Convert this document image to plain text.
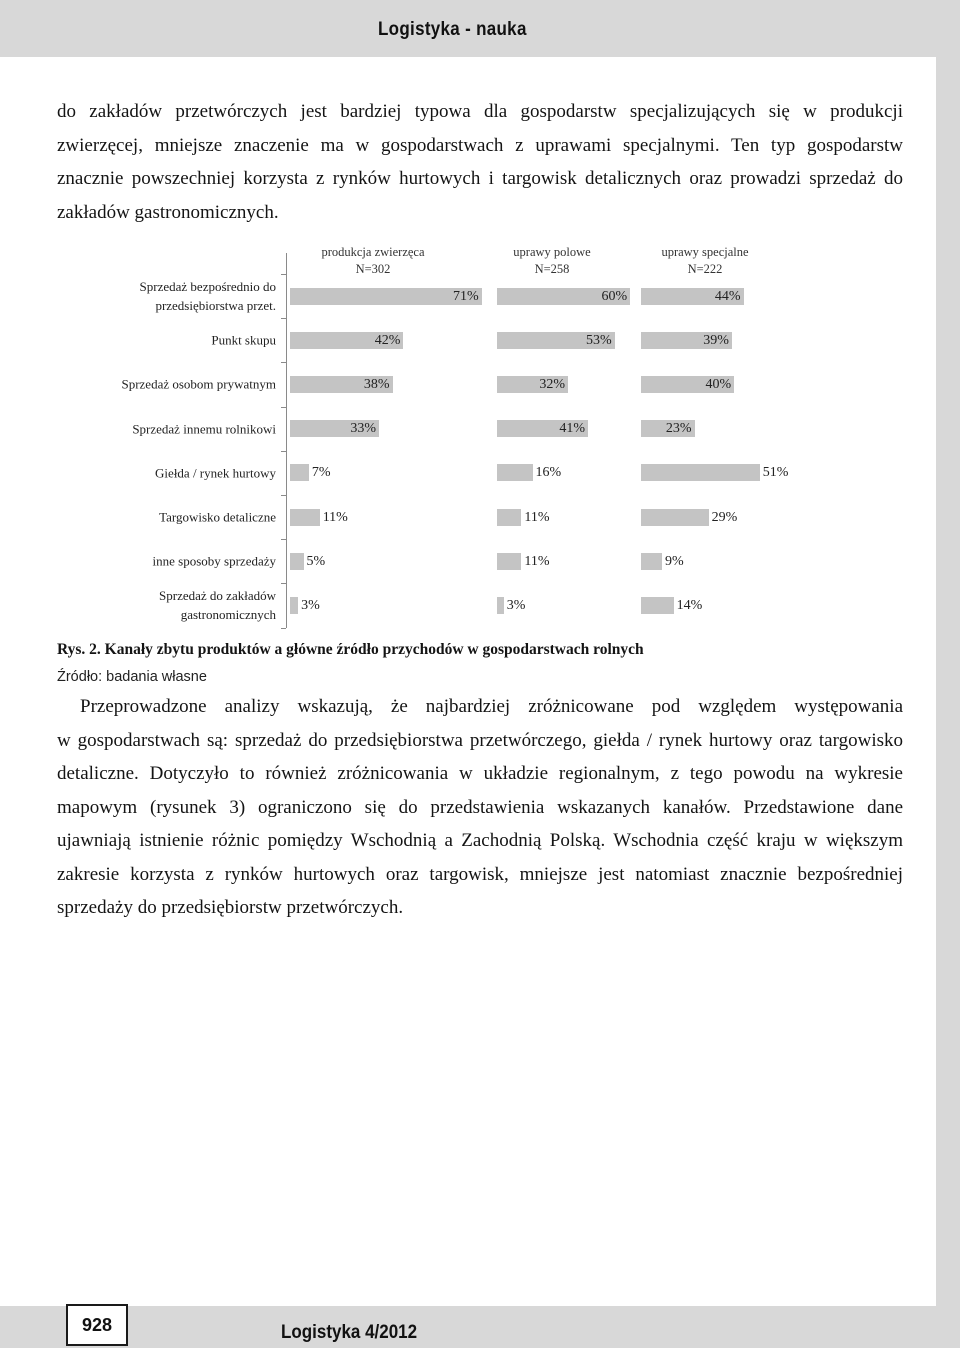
Logistyka - nauka
do zakładów przetwórczych jest bardziej typowa dla gospodarstw specjalizujących się w produkcji
zwierzęcej, mniejsze znaczenie ma w gospodarstwach z uprawami specjalnymi. Ten typ gospodarstw
znacznie powszechniej korzysta z rynków hurtowych i targowisk detalicznych oraz prowadzi sprzedaż do
zakładów gastronomicznych.
Sprzedaż bezpośrednio do przedsiębiorstwa przet.
Punkt skupu
Sprzedaż osobom prywatnym
Sprzedaż innemu rolnikowi
Giełda / rynek hurtowy
Targowisko detaliczne
inne sposoby sprzedaży
Sprzedaż do zakładów gastronomicznych
produkcja zwierzęca
N=302
71%
42%
38%
33%
7%
11%
5%
3%
uprawy polowe
N=258
60%
53%
32%
41%
16%
11%
11%
3%
uprawy specjalne
N=222
44%
39%
40%
23%
51%
29%
9%
14%
Rys. 2. Kanały zbytu produktów a główne źródło przychodów w gospodarstwach rolnych
Źródło: badania własne
Przeprowadzone analizy wskazują, że najbardziej zróżnicowane pod względem występowania
w gospodarstwach są: sprzedaż do przedsiębiorstwa przetwórczego, giełda / rynek hurtowy oraz targowisko
detaliczne. Dotyczyło to również zróżnicowania w układzie regionalnym, z tego powodu na wykresie
mapowym (rysunek 3) ograniczono się do przedstawienia wskazanych kanałów. Przedstawione dane
ujawniają istnienie różnic pomiędzy Wschodnią a Zachodnią Polską. Wschodnia część kraju w większym
zakresie korzysta z rynków hurtowych oraz targowisk, mniejsze jest natomiast znacznie bezpośredniej
sprzedaży do przedsiębiorstw przetwórczych.
928	Logistyka 4/2012
